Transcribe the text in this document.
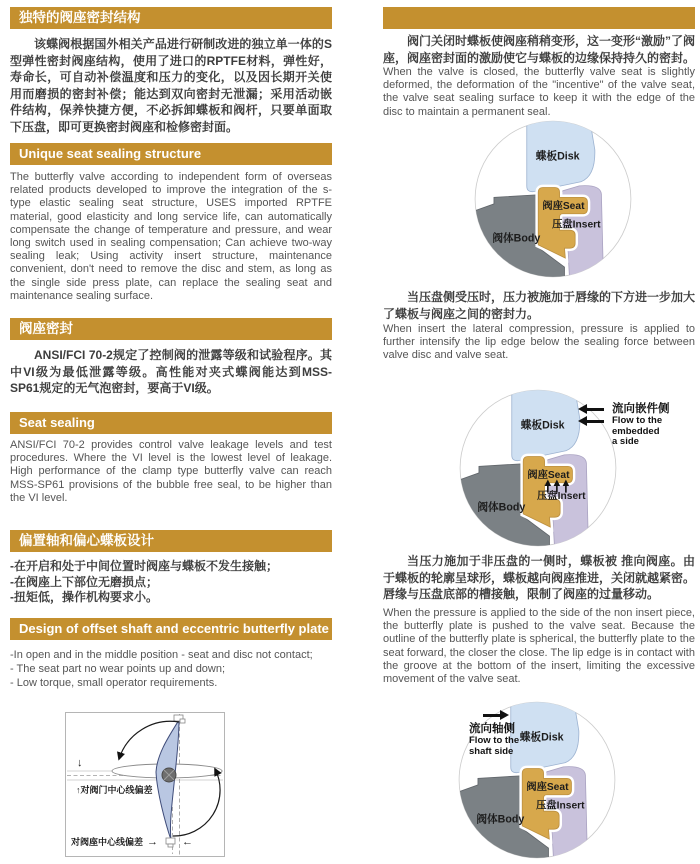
独特的阀座密封结构
该蝶阀根据国外相关产品进行研制改进的独立单一体的S型弹性密封阀座结构，使用了进口的RPTFE材料，弹性好，寿命长，可自动补偿温度和压力的变化，以及因长期开关使用而磨损的密封补偿；能达到双向密封无泄漏；采用活动嵌件结构，保养快捷方便，不必拆卸蝶板和阀杆，只要单面取下压盘，即可更换密封阀座和检修密封面。
Unique seat sealing structure
The butterfly valve according to independent form of overseas related products developed to improve the integration of the s-type elastic sealing seat structure, USES imported RPTFE material, good elasticity and long service life, can automatically compensate the change of temperature and pressure, and wear long switch used in sealing compensation; Can achieve two-way sealing leak; Using activity insert structure, maintenance convenient, don't need to remove the disc and stem, as long as the single side press plate, can replace the sealing seat and maintenance sealing surface.
阀座密封
ANSI/FCI 70-2规定了控制阀的泄露等级和试验程序。其中VI级为最低泄露等级。高性能对夹式蝶阀能达到MSS-SP61规定的无气泡密封，要高于VI级。
Seat sealing
ANSI/FCI 70-2 provides control valve leakage levels and test procedures. Where the VI level is the lowest level of leakage. High performance of the clamp type butterfly valve can reach MSS-SP61 provisions of the bubble free seal, to be higher than the VI level.
偏置轴和偏心蝶板设计
-在开启和处于中间位置时阀座与蝶板不发生接触；
-在阀座上下部位无磨损点；
-扭矩低，操作机构要求小。
Design of offset shaft and eccentric butterfly plate
-In open and in the middle position - seat and disc not contact;
- The seat part no wear points up and down;
- Low torque, small operator requirements.
↓
↑对阀门中心线偏差
对阀座中心线偏差 → ←
阀门关闭时蝶板使阀座稍稍变形，这一变形“激励”了阀座，阀座密封面的激励使它与蝶板的边缘保持持久的密封。
When the valve is closed, the butterfly valve seat is slightly deformed, the deformation of the "incentive" of the valve seat, the valve seat sealing surface to keep it with the edge of the disc to maintain a permanent seal.
蝶板Disk
阀座Seat
压盘Insert
阀体Body
当压盘侧受压时，压力被施加于唇缘的下方进一步加大了蝶板与阀座之间的密封力。
When insert the lateral compression, pressure is applied to further intensify the lip edge below the sealing force between valve disc and valve seat.
蝶板Disk
阀座Seat
压盘Insert
阀体Body
流向嵌件侧
Flow to the
embedded
a side
当压力施加于非压盘的一侧时，蝶板被 推向阀座。由于蝶板的轮廓呈球形，蝶板越向阀座推进，关闭就越紧密。唇缘与压盘底部的槽接触，限制了阀座的过量移动。
When the pressure is applied to the side of the non insert piece, the butterfly plate is pushed to the valve seat. Because the outline of the butterfly plate is spherical, the butterfly plate to the seat forward, the closer the close. The lip edge is in contact with the groove at the bottom of the insert, limiting the excessive movement of the valve seat.
蝶板Disk
阀座Seat
压盘Insert
阀体Body
流向轴侧
Flow to the
shaft side
